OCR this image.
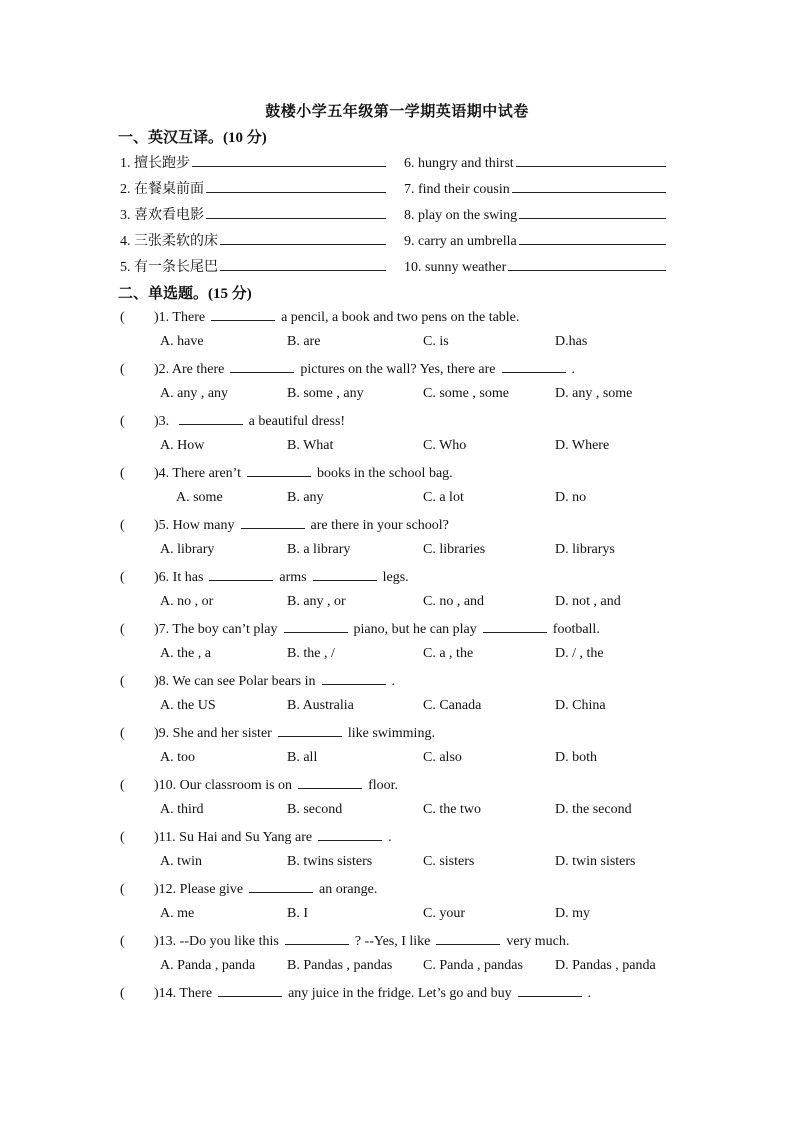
鼓楼小学五年级第一学期英语期中试卷
一、英汉互译。(10 分)
1. 擅长跑步
2. 在餐桌前面
3. 喜欢看电影
4. 三张柔软的床
5. 有一条长尾巴
6. hungry and thirst
7. find their cousin
8. play on the swing
9. carry an umbrella
10. sunny weather
二、单选题。(15 分)
( )1. There	a pencil, a book and two pens on the table.
A. have	B. are	C. is	D.has
( )2. Are there	pictures on the wall? Yes, there are	.
A. any , any	B. some , any	C. some , some	D. any , some
( )3.	a beautiful dress!
A. How	B. What	C. Who	D. Where
( )4. There aren’t	books in the school bag.
A. some	B. any	C. a lot	D. no
( )5. How many	are there in your school?
A. library	B. a library	C. libraries	D. librarys
( )6. It has	arms	legs.
A. no , or	B. any , or	C. no , and	D. not , and
( )7. The boy can’t play	piano, but he can play	football.
A. the , a	B. the , /	C. a , the	D. / , the
( )8. We can see Polar bears in	.
A. the US	B. Australia	C. Canada	D. China
( )9. She and her sister	like swimming.
A. too	B. all	C. also	D. both
( )10. Our classroom is on	floor.
A. third	B. second	C. the two	D. the second
( )11. Su Hai and Su Yang are	.
A. twin	B. twins sisters	C. sisters	D. twin sisters
( )12. Please give	an orange.
A. me	B. I	C. your	D. my
( )13. --Do you like this	? --Yes, I like	very much.
A. Panda , panda B. Pandas , pandas C. Panda , pandas D. Pandas , panda
( )14. There	any juice in the fridge. Let’s go and buy	.
